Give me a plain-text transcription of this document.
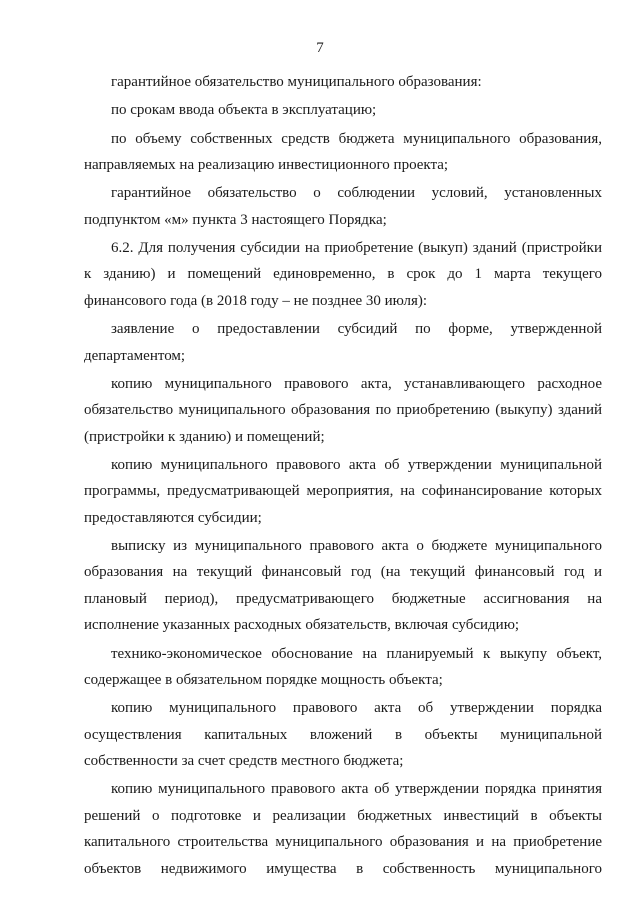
7

гарантийное обязательство муниципального образования:

по срокам ввода объекта в эксплуатацию;

по объему собственных средств бюджета муниципального образования, направляемых на реализацию инвестиционного проекта;

гарантийное обязательство о соблюдении условий, установленных подпунктом «м» пункта 3 настоящего Порядка;

6.2. Для получения субсидии на приобретение (выкуп) зданий (пристройки к зданию) и помещений единовременно, в срок до 1 марта текущего финансового года (в 2018 году – не позднее 30 июля):

заявление о предоставлении субсидий по форме, утвержденной департаментом;

копию муниципального правового акта, устанавливающего расходное обязательство муниципального образования по приобретению (выкупу) зданий (пристройки к зданию) и помещений;

копию муниципального правового акта об утверждении муниципальной программы, предусматривающей мероприятия, на софинансирование которых предоставляются субсидии;

выписку из муниципального правового акта о бюджете муниципального образования на текущий финансовый год (на текущий финансовый год и плановый период), предусматривающего бюджетные ассигнования на исполнение указанных расходных обязательств, включая субсидию;

технико-экономическое обоснование на планируемый к выкупу объект, содержащее в обязательном порядке мощность объекта;

копию муниципального правового акта об утверждении порядка осуществления капитальных вложений в объекты муниципальной собственности за счет средств местного бюджета;

копию муниципального правового акта об утверждении порядка принятия решений о подготовке и реализации бюджетных инвестиций в объекты капитального строительства муниципального образования и на приобретение объектов недвижимого имущества в собственность муниципального
